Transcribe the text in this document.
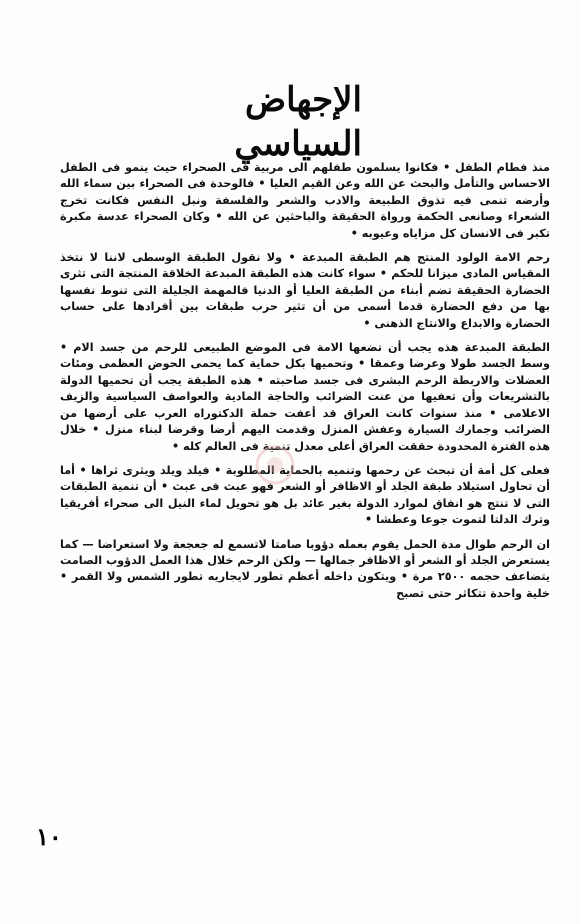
الإجهاض
السياسي

منذ فطام الطفل • فكانوا يسلمون طفلهم الى مربية فى الصحراء حيث ينمو فى الطفل الاحساس والتأمل والبحث عن الله وعن القيم العليا • فالوحدة فى الصحراء بين سماء الله وأرضه تنمى فيه تذوق الطبيعة والادب والشعر والفلسفة ونبل النفس فكانت تخرج الشعراء وصانعى الحكمة ورواة الحقيقة والباحثين عن الله • وكان الصحراء عدسة مكبرة تكبر فى الانسان كل مزاياه وعيوبه •

رحم الامة الولود المنتج هم الطبقة المبدعة • ولا نقول الطبقة الوسطى لاننا لا نتخذ المقياس المادى ميزانا للحكم • سواء كانت هذه الطبقة المبدعة الخلاقة المنتجة التى تثرى الحضارة الحقيقة تضم أبناء من الطبقة العليا أو الدنيا فالمهمة الجليلة التى تنوط نفسها بها من دفع الحضارة قدما أسمى من أن تثير حرب طبقات بين أفرادها على حساب الحضارة والابداع والانتاج الذهنى •

الطبقة المبدعة هذه يجب أن تضعها الامة فى الموضع الطبيعى للرحم من جسد الام • وسط الجسد طولا وعرضا وعمقا • وتحميها بكل حماية كما يحمى الحوض العظمى ومئات العضلات والاربطة الرحم البشرى فى جسد صاحبته • هذه الطبقة يجب أن تحميها الدولة بالتشريعات وأن تعفيها من عنت الضرائب والحاجة المادية والعواصف السياسية والزيف الاعلامى • منذ سنوات كانت العراق قد أعفت حملة الدكتوراه العرب على أرضها من الضرائب وجمارك السيارة وعفش المنزل وقدمت اليهم أرضا وقرضا لبناء منزل • خلال هذه الفترة المحدودة حققت العراق أعلى معدل تنمية فى العالم كله •

فعلى كل أمة أن تبحث عن رحمها وتنميه بالحماية المطلوبة • فيلد ويلد ويثرى ثراها • أما أن تحاول استيلاد طبقة الجلد أو الاظافر أو الشعر فهو عبث فى عبث • أن تنمية الطبقات التى لا تنتج هو انفاق لموارد الدولة بغير عائد بل هو تحويل لماء النيل الى صحراء أفريقيا وترك الدلتا لتموت جوعا وعطشا •

ان الرحم طوال مدة الحمل يقوم بعمله دؤوبا صامتا لاتسمع له جعجعة ولا استعراضا — كما يستعرض الجلد أو الشعر أو الاظافر جمالها — ولكن الرحم خلال هذا العمل الدؤوب الصامت يتضاعف حجمه ٢٥٠٠ مرة • ويتكون داخله أعظم تطور لايجاريه تطور الشمس ولا القمر • خلية واحدة تتكاثر حتى تصبح

١٠
